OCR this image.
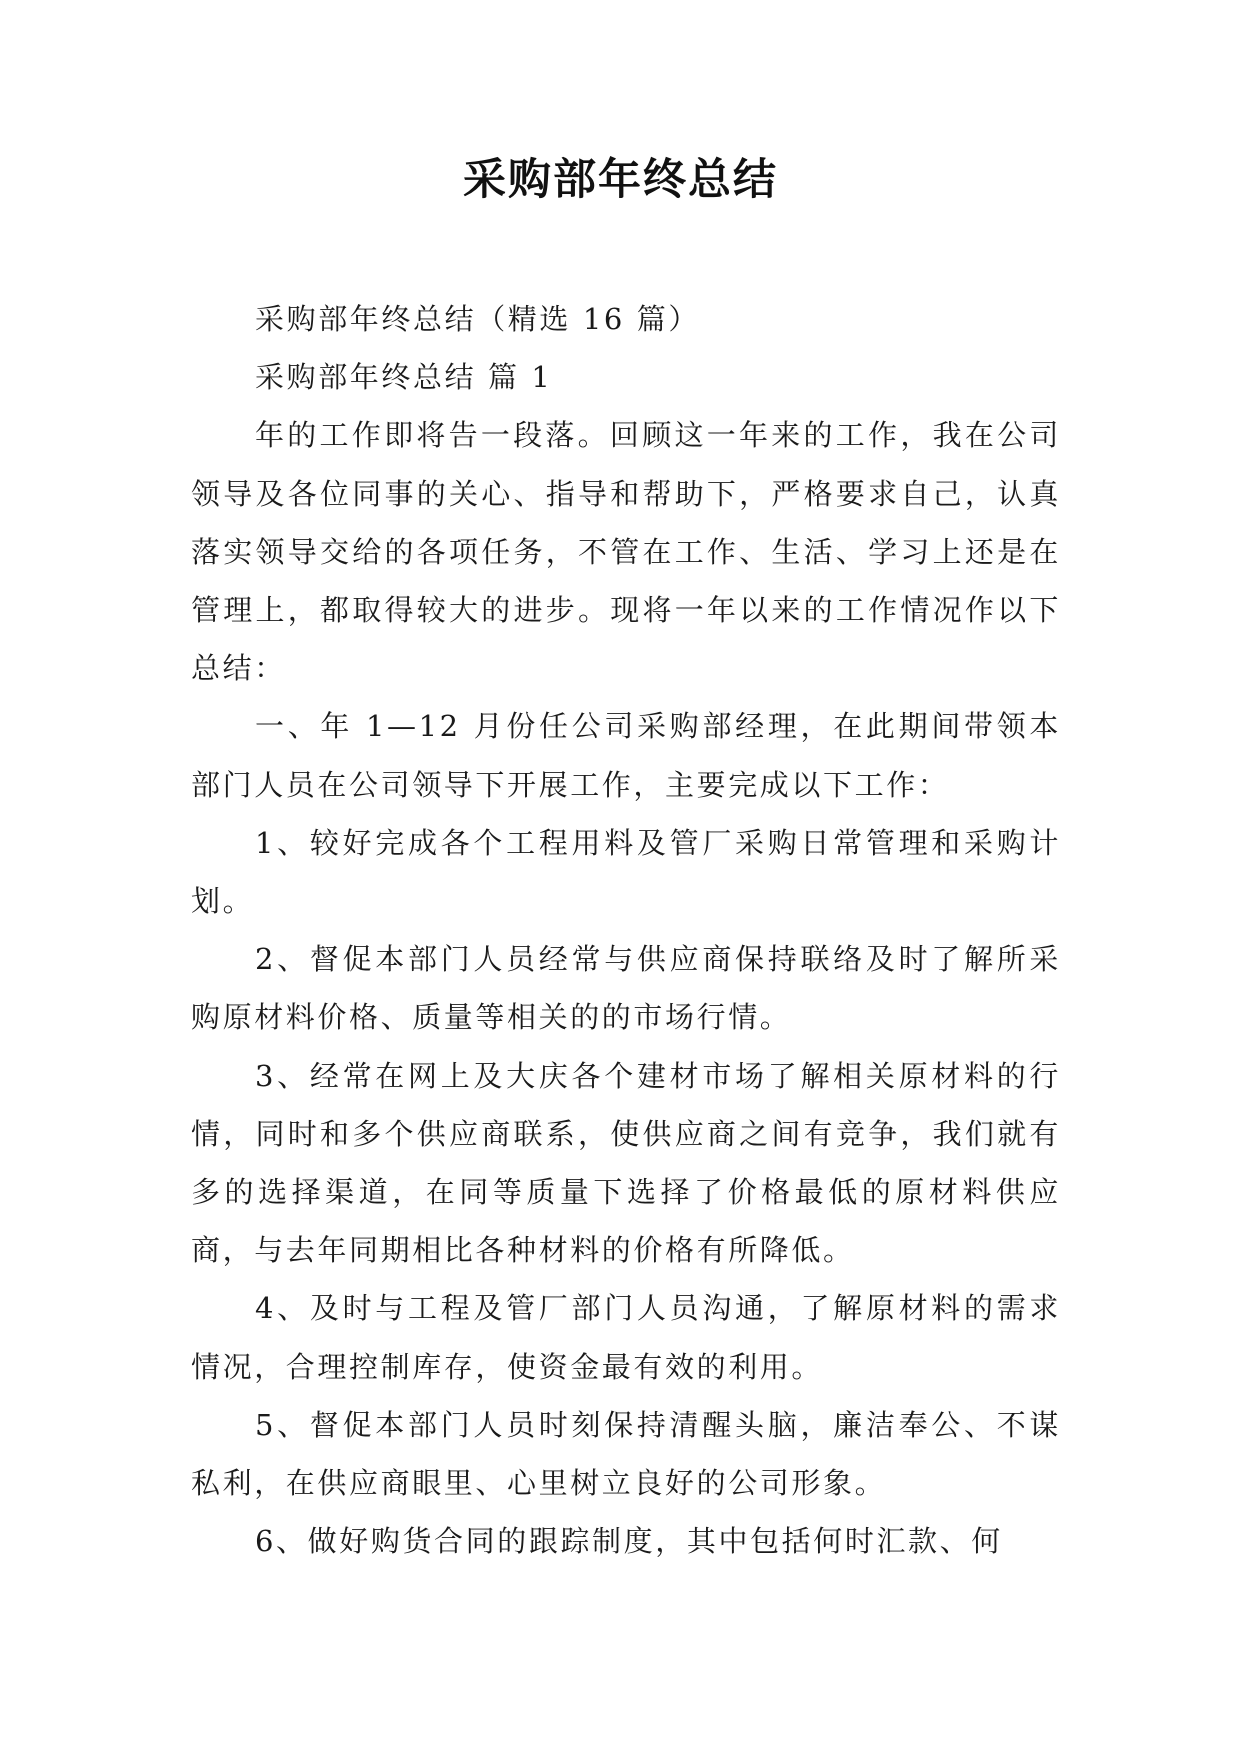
采购部年终总结

采购部年终总结（精选 16 篇）

采购部年终总结 篇 1

年的工作即将告一段落。回顾这一年来的工作，我在公司领导及各位同事的关心、指导和帮助下，严格要求自己，认真落实领导交给的各项任务，不管在工作、生活、学习上还是在管理上，都取得较大的进步。现将一年以来的工作情况作以下总结：

一、年 1—12 月份任公司采购部经理，在此期间带领本部门人员在公司领导下开展工作，主要完成以下工作：

1、较好完成各个工程用料及管厂采购日常管理和采购计划。

2、督促本部门人员经常与供应商保持联络及时了解所采购原材料价格、质量等相关的的市场行情。

3、经常在网上及大庆各个建材市场了解相关原材料的行情，同时和多个供应商联系，使供应商之间有竞争，我们就有多的选择渠道，在同等质量下选择了价格最低的原材料供应商，与去年同期相比各种材料的价格有所降低。

4、及时与工程及管厂部门人员沟通，了解原材料的需求情况，合理控制库存，使资金最有效的利用。

5、督促本部门人员时刻保持清醒头脑，廉洁奉公、不谋私利，在供应商眼里、心里树立良好的公司形象。

6、做好购货合同的跟踪制度，其中包括何时汇款、何
